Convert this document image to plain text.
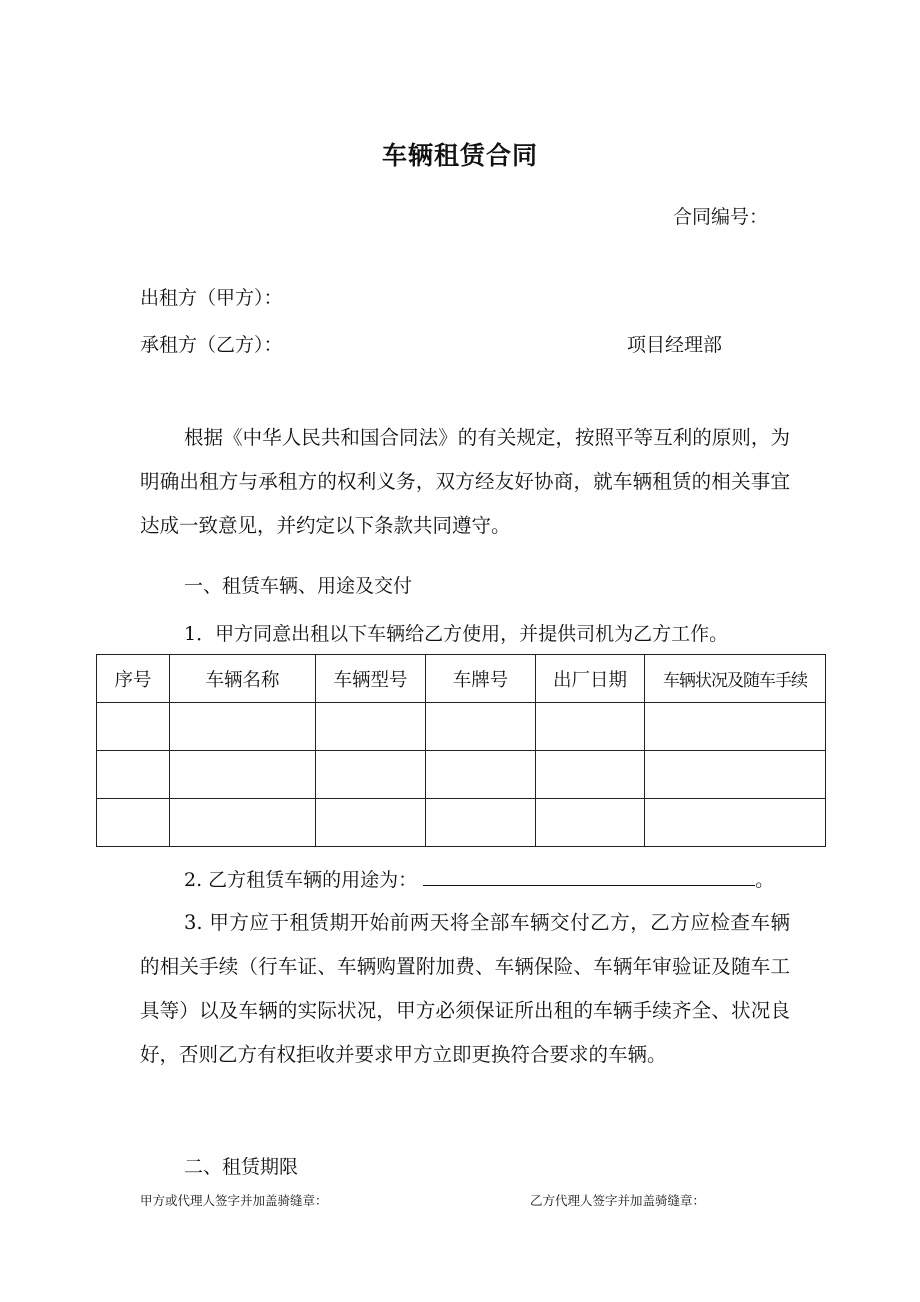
车辆租赁合同
合同编号：
出租方（甲方）：
承租方（乙方）：	项目经理部
根据《中华人民共和国合同法》的有关规定，按照平等互利的原则，为明确出租方与承租方的权利义务，双方经友好协商，就车辆租赁的相关事宜达成一致意见，并约定以下条款共同遵守。
一、租赁车辆、用途及交付
1．甲方同意出租以下车辆给乙方使用，并提供司机为乙方工作。
序号	车辆名称	车辆型号	车牌号	出厂日期	车辆状况及随车手续

2. 乙方租赁车辆的用途为：	。
3. 甲方应于租赁期开始前两天将全部车辆交付乙方，乙方应检查车辆的相关手续（行车证、车辆购置附加费、车辆保险、车辆年审验证及随车工具等）以及车辆的实际状况，甲方必须保证所出租的车辆手续齐全、状况良好，否则乙方有权拒收并要求甲方立即更换符合要求的车辆。
二、租赁期限
甲方或代理人签字并加盖骑缝章：	乙方代理人签字并加盖骑缝章：
